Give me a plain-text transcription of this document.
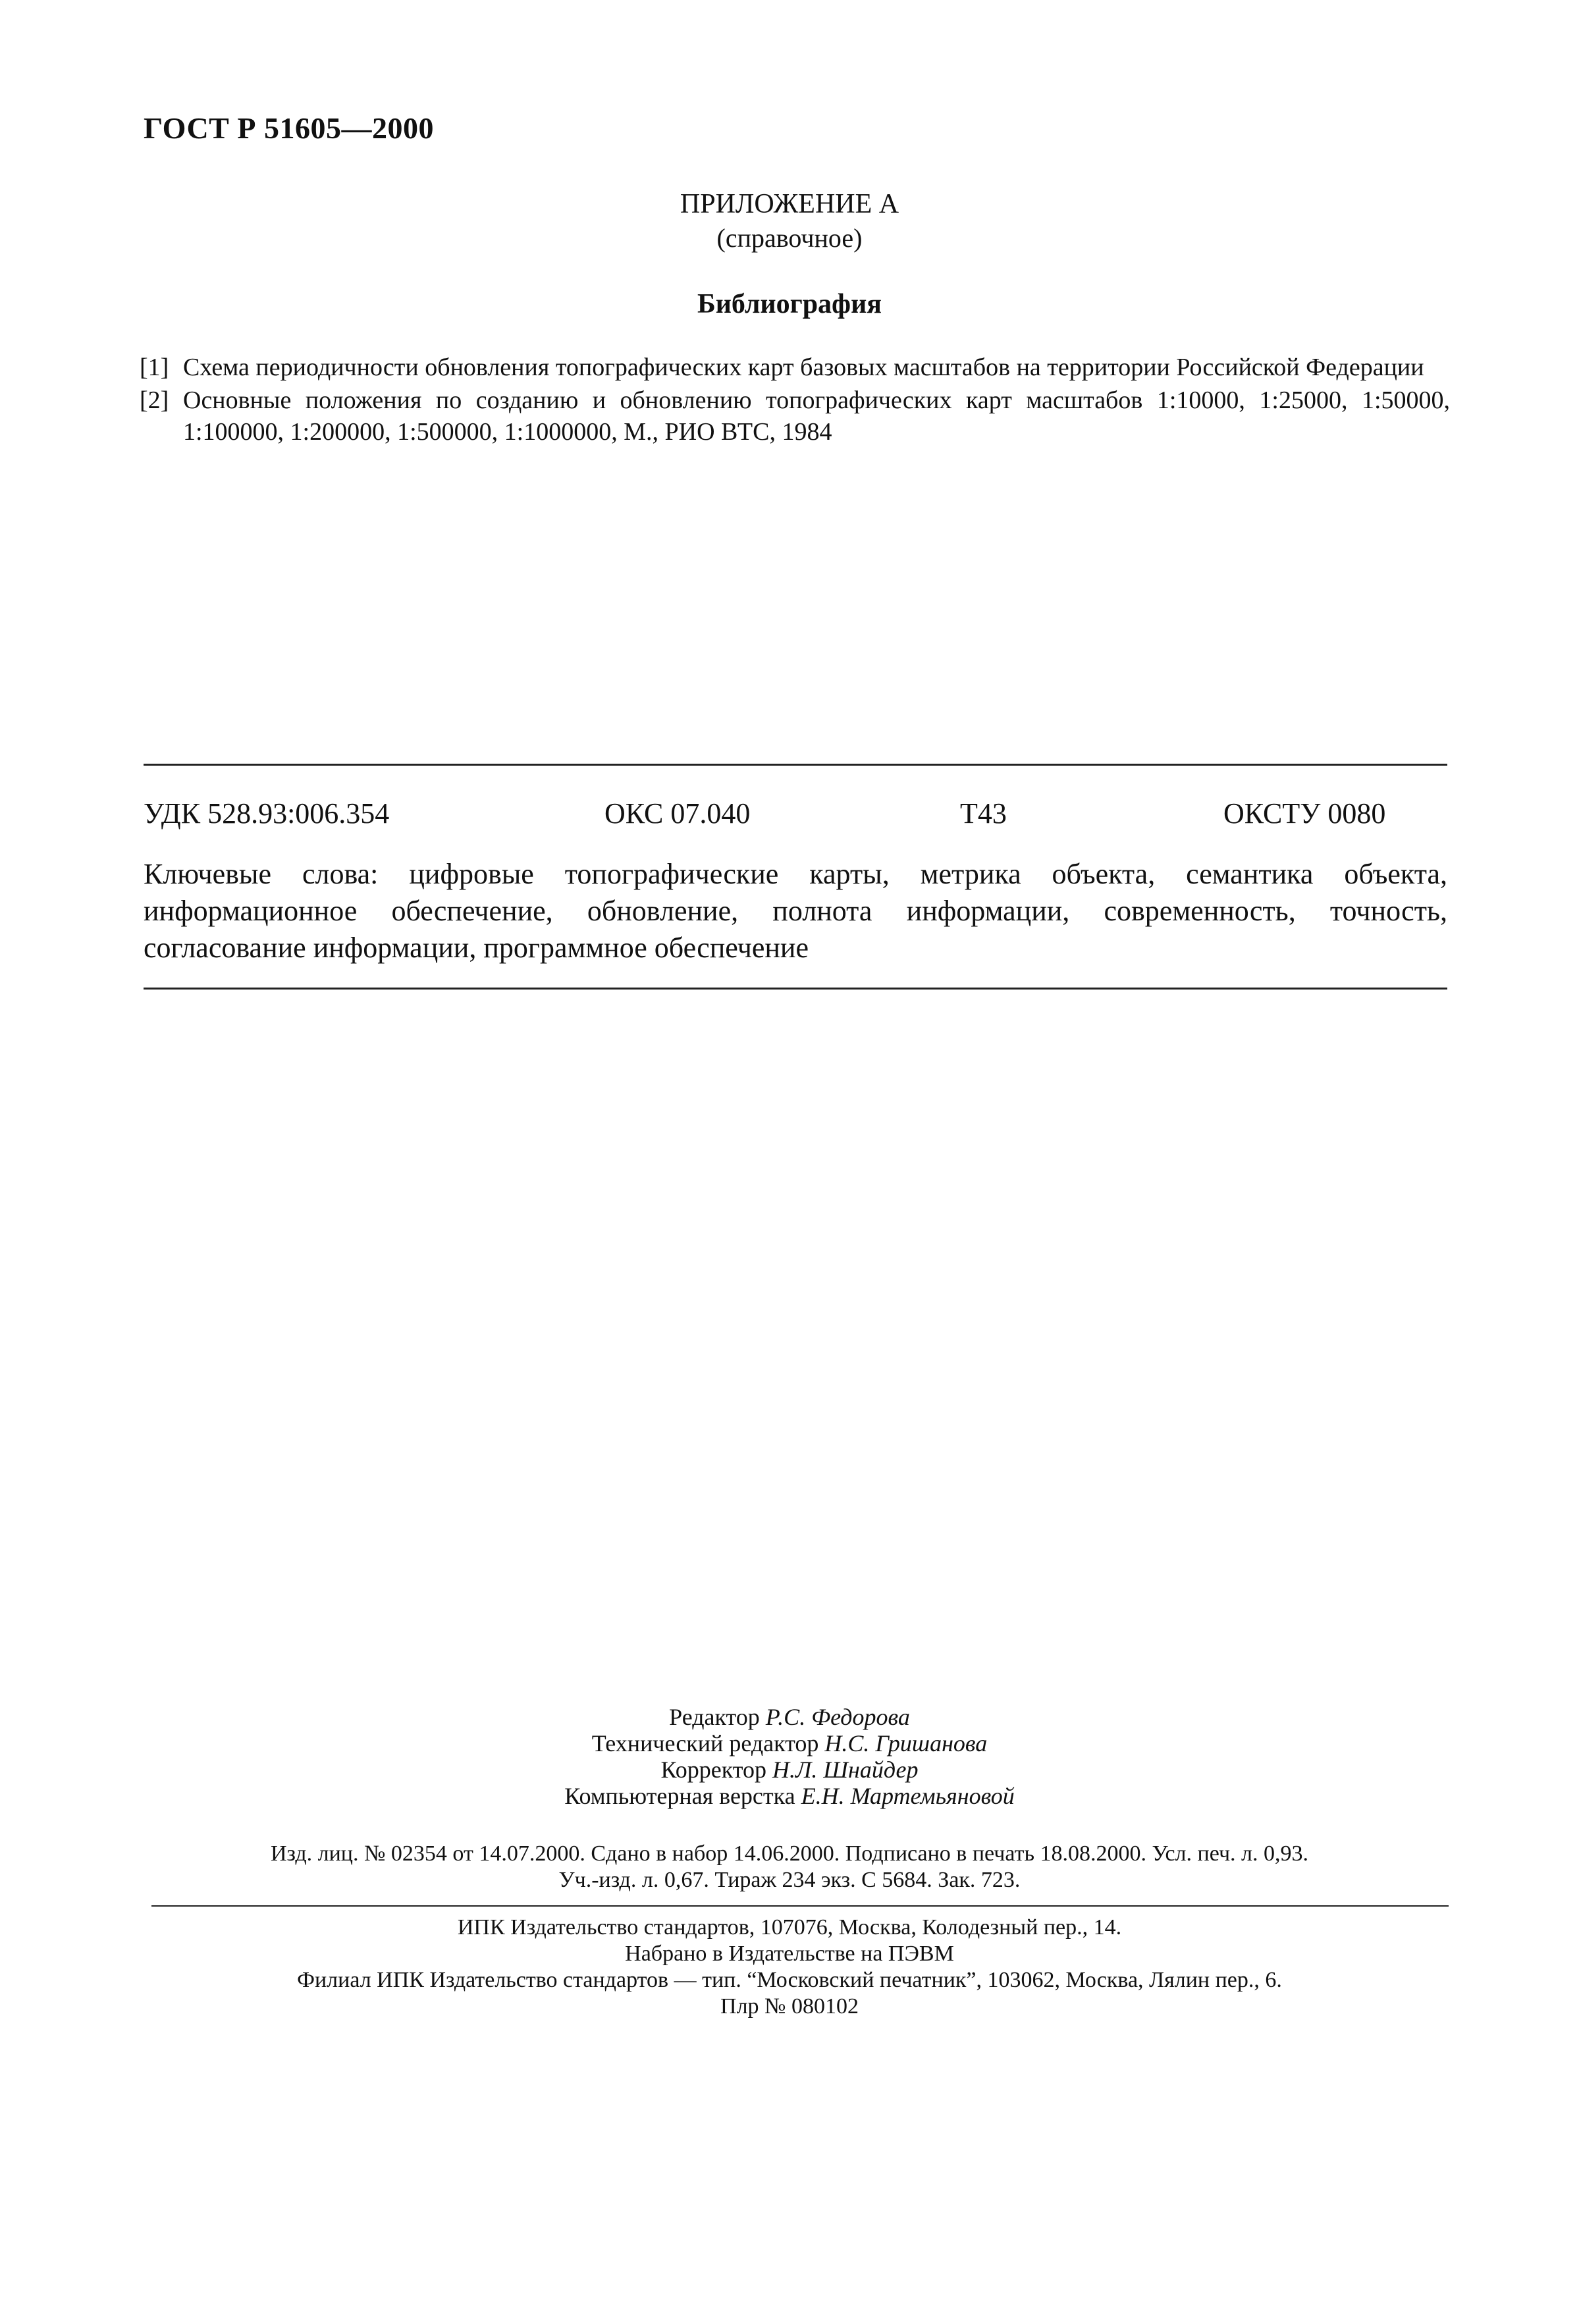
ГОСТ Р 51605—2000
ПРИЛОЖЕНИЕ А
(справочное)
Библиография
[1] Схема периодичности обновления топографических карт базовых масштабов на территории Российской Федерации
[2] Основные положения по созданию и обновлению топографических карт масштабов 1:10000, 1:25000, 1:50000, 1:100000, 1:200000, 1:500000, 1:1000000, М., РИО ВТС, 1984
УДК 528.93:006.354	ОКС 07.040	Т43	ОКСТУ 0080
Ключевые слова: цифровые топографические карты, метрика объекта, семантика объекта, информационное обеспечение, обновление, полнота информации, современность, точность, согласование информации, программное обеспечение
Редактор Р.С. Федорова
Технический редактор Н.С. Гришанова
Корректор Н.Л. Шнайдер
Компьютерная верстка Е.Н. Мартемьяновой
Изд. лиц. № 02354 от 14.07.2000. Сдано в набор 14.06.2000. Подписано в печать 18.08.2000. Усл. печ. л. 0,93.
Уч.-изд. л. 0,67. Тираж 234 экз. С 5684. Зак. 723.
ИПК Издательство стандартов, 107076, Москва, Колодезный пер., 14.
Набрано в Издательстве на ПЭВМ
Филиал ИПК Издательство стандартов — тип. “Московский печатник”, 103062, Москва, Лялин пер., 6.
Плр № 080102
